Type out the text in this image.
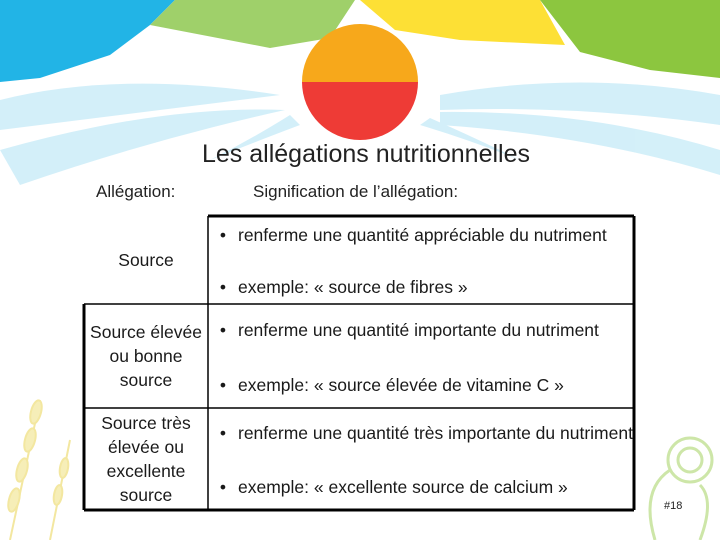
Les allégations nutritionnelles
Allégation:	Signification de l’allégation:
Source
• renferme une quantité appréciable du nutriment
• exemple: « source de fibres »
Source élevée ou bonne source
• renferme une quantité importante du nutriment
• exemple: « source élevée de vitamine C »
Source très élevée ou excellente source
• renferme une quantité très importante du nutriment
• exemple: « excellente source de calcium »
#18
